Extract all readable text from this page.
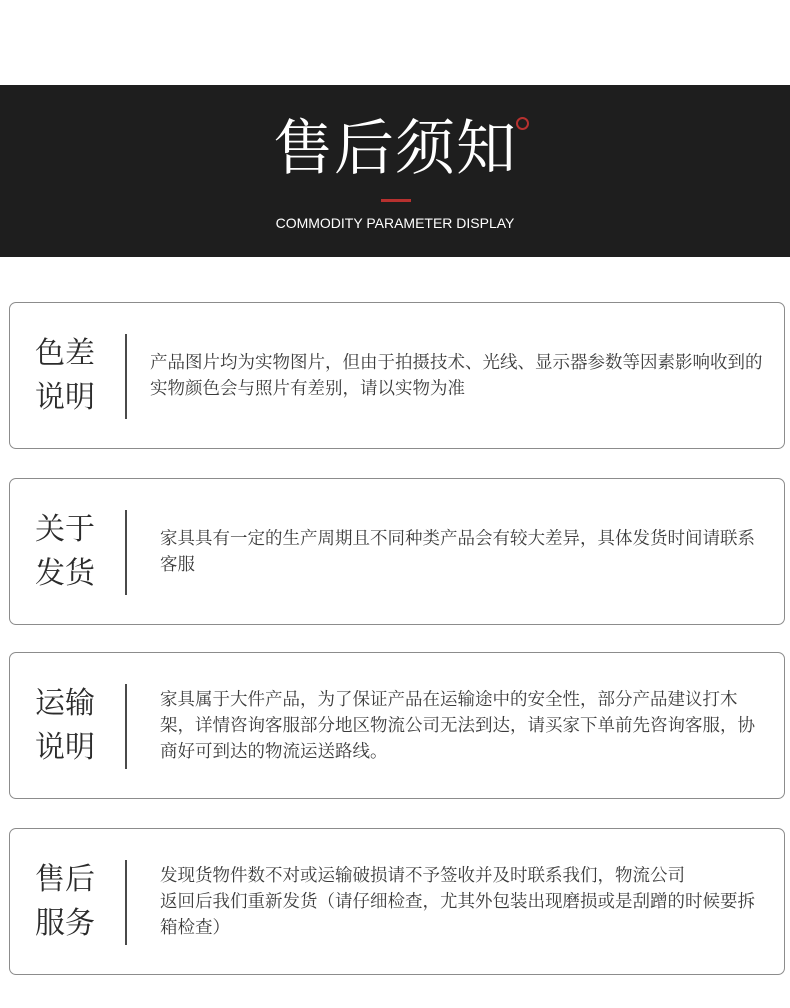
售后须知
COMMODITY PARAMETER DISPLAY
色差
说明

产品图片均为实物图片，但由于拍摄技术、光线、显示器参数等因素影响收到的实物颜色会与照片有差别，请以实物为准

关于
发货

家具具有一定的生产周期且不同种类产品会有较大差异，具体发货时间请联系客服

运输
说明

家具属于大件产品，为了保证产品在运输途中的安全性，部分产品建议打木架，详情咨询客服部分地区物流公司无法到达，请买家下单前先咨询客服，协商好可到达的物流运送路线。

售后
服务

发现货物件数不对或运输破损请不予签收并及时联系我们，物流公司
返回后我们重新发货（请仔细检查，尤其外包装出现磨损或是刮蹭的时候要拆箱检查）
